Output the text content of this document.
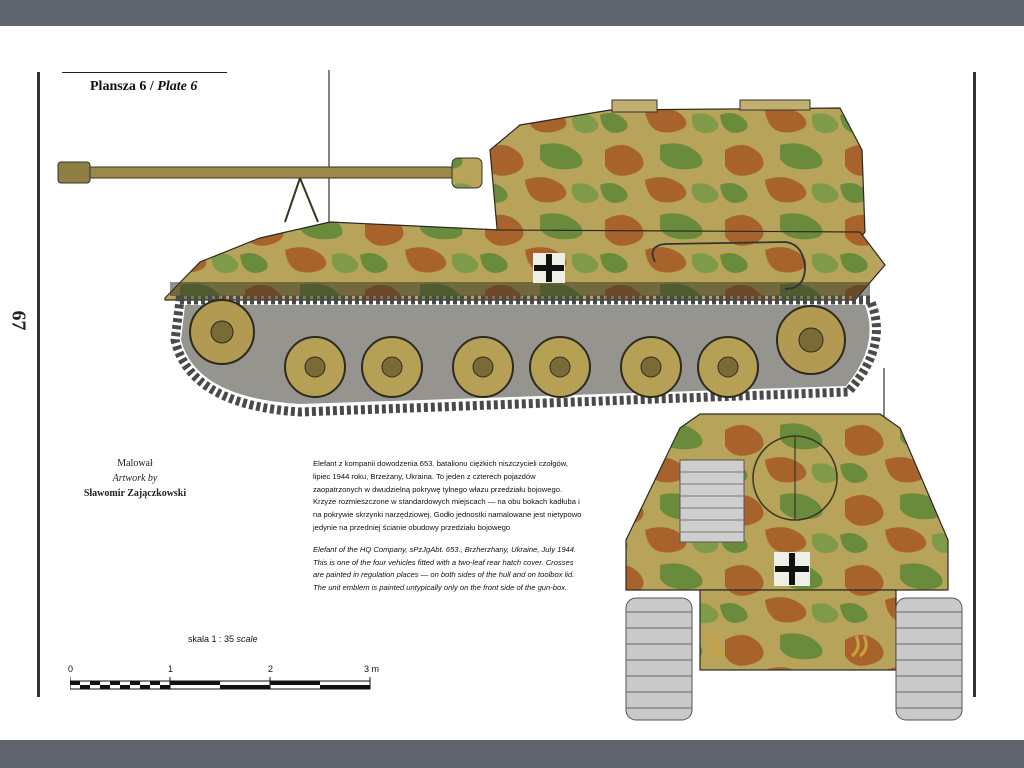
67
Plansza 6 / Plate 6
Malował
Artwork by
Sławomir Zajączkowski

Elefant z kompanii dowodzenia 653. batalionu ciężkich niszczycieli czołgów, lipiec 1944 roku, Brzeżany, Ukraina. To jeden z czterech pojazdów zaopatrzonych w dwudzielną pokrywę tylnego włazu przedziału bojowego. Krzyże rozmieszczone w standardowych miejscach — na obu bokach kadłuba i na pokrywie skrzynki narzędziowej. Godło jednostki namalowane jest nietypowo jedynie na przedniej ścianie obudowy przedziału bojowego

Elefant of the HQ Company, sPzJgAbt. 653., Brzherzhany, Ukraine, July 1944. This is one of the four vehicles fitted with a two-leaf rear hatch cover. Crosses are painted in regulation places — on both sides of the hull and on toolbox lid. The unit emblem is painted untypically only on the front side of the gun-box.

skala 1 : 35 scale
0	1	2	3 m
